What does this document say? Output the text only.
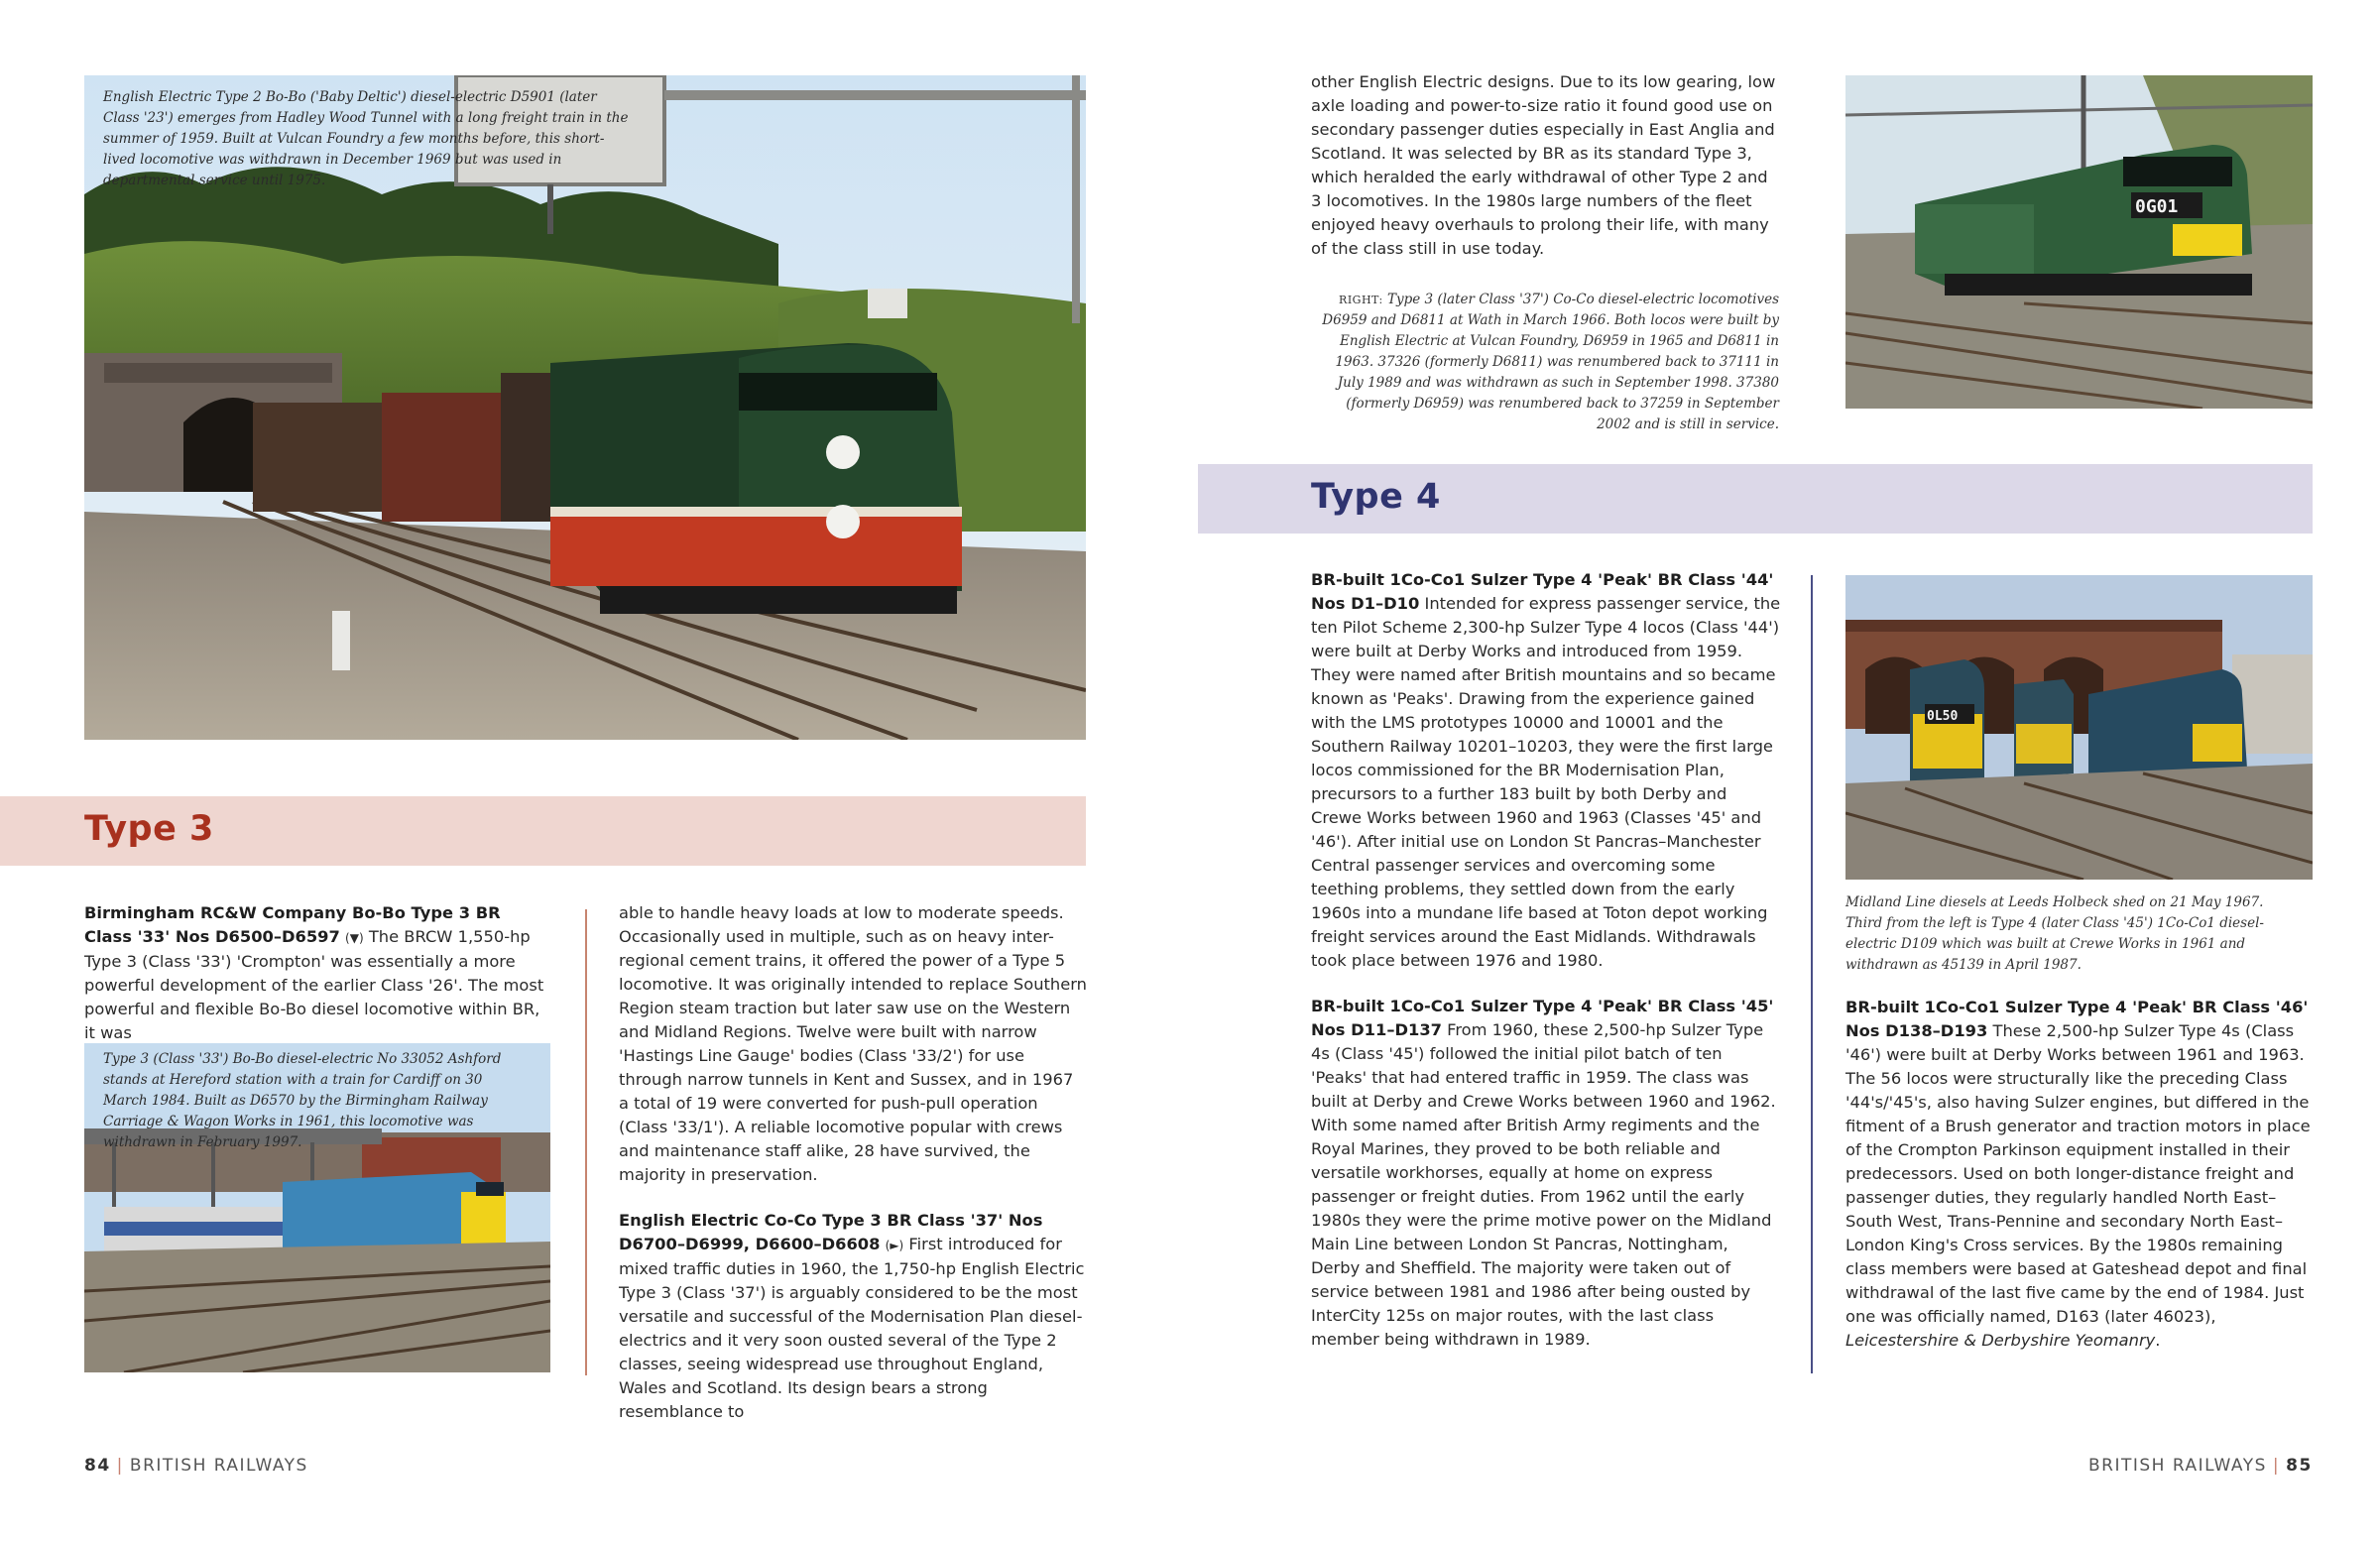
English Electric Type 2 Bo-Bo ('Baby Deltic') diesel-electric D5901 (later Class '23') emerges from Hadley Wood Tunnel with a long freight train in the summer of 1959. Built at Vulcan Foundry a few months before, this short-lived locomotive was withdrawn in December 1969 but was used in departmental service until 1975.
Type 3

Birmingham RC&W Company Bo-Bo Type 3 BR Class '33' Nos D6500–D6597 (▼) The BRCW 1,550-hp Type 3 (Class '33') 'Crompton' was essentially a more powerful development of the earlier Class '26'. The most powerful and flexible Bo-Bo diesel locomotive within BR, it was

Type 3 (Class '33') Bo-Bo diesel-electric No 33052 Ashford stands at Hereford station with a train for Cardiff on 30 March 1984. Built as D6570 by the Birmingham Railway Carriage & Wagon Works in 1961, this locomotive was withdrawn in February 1997.

able to handle heavy loads at low to moderate speeds. Occasionally used in multiple, such as on heavy inter-regional cement trains, it offered the power of a Type 5 locomotive. It was originally intended to replace Southern Region steam traction but later saw use on the Western and Midland Regions. Twelve were built with narrow 'Hastings Line Gauge' bodies (Class '33/2') for use through narrow tunnels in Kent and Sussex, and in 1967 a total of 19 were converted for push-pull operation (Class '33/1'). A reliable locomotive popular with crews and maintenance staff alike, 28 have survived, the majority in preservation.

English Electric Co-Co Type 3 BR Class '37' Nos D6700–D6999, D6600–D6608 (►) First introduced for mixed traffic duties in 1960, the 1,750-hp English Electric Type 3 (Class '37') is arguably considered to be the most versatile and successful of the Modernisation Plan diesel-electrics and it very soon ousted several of the Type 2 classes, seeing widespread use throughout England, Wales and Scotland. Its design bears a strong resemblance to

84 | BRITISH RAILWAYS

other English Electric designs. Due to its low gearing, low axle loading and power-to-size ratio it found good use on secondary passenger duties especially in East Anglia and Scotland. It was selected by BR as its standard Type 3, which heralded the early withdrawal of other Type 2 and 3 locomotives. In the 1980s large numbers of the fleet enjoyed heavy overhauls to prolong their life, with many of the class still in use today.

RIGHT: Type 3 (later Class '37') Co-Co diesel-electric locomotives D6959 and D6811 at Wath in March 1966. Both locos were built by English Electric at Vulcan Foundry, D6959 in 1965 and D6811 in 1963. 37326 (formerly D6811) was renumbered back to 37111 in July 1989 and was withdrawn as such in September 1998. 37380 (formerly D6959) was renumbered back to 37259 in September 2002 and is still in service.
0G01
Type 4

BR-built 1Co-Co1 Sulzer Type 4 'Peak' BR Class '44' Nos D1–D10 Intended for express passenger service, the ten Pilot Scheme 2,300-hp Sulzer Type 4 locos (Class '44') were built at Derby Works and introduced from 1959. They were named after British mountains and so became known as 'Peaks'. Drawing from the experience gained with the LMS prototypes 10000 and 10001 and the Southern Railway 10201–10203, they were the first large locos commissioned for the BR Modernisation Plan, precursors to a further 183 built by both Derby and Crewe Works between 1960 and 1963 (Classes '45' and '46'). After initial use on London St Pancras–Manchester Central passenger services and overcoming some teething problems, they settled down from the early 1960s into a mundane life based at Toton depot working freight services around the East Midlands. Withdrawals took place between 1976 and 1980.

BR-built 1Co-Co1 Sulzer Type 4 'Peak' BR Class '45' Nos D11–D137 From 1960, these 2,500-hp Sulzer Type 4s (Class '45') followed the initial pilot batch of ten 'Peaks' that had entered traffic in 1959. The class was built at Derby and Crewe Works between 1960 and 1962. With some named after British Army regiments and the Royal Marines, they proved to be both reliable and versatile workhorses, equally at home on express passenger or freight duties. From 1962 until the early 1980s they were the prime motive power on the Midland Main Line between London St Pancras, Nottingham, Derby and Sheffield. The majority were taken out of service between 1981 and 1986 after being ousted by InterCity 125s on major routes, with the last class member being withdrawn in 1989.

0L50
Midland Line diesels at Leeds Holbeck shed on 21 May 1967. Third from the left is Type 4 (later Class '45') 1Co-Co1 diesel-electric D109 which was built at Crewe Works in 1961 and withdrawn as 45139 in April 1987.

BR-built 1Co-Co1 Sulzer Type 4 'Peak' BR Class '46' Nos D138–D193 These 2,500-hp Sulzer Type 4s (Class '46') were built at Derby Works between 1961 and 1963. The 56 locos were structurally like the preceding Class '44's/'45's, also having Sulzer engines, but differed in the fitment of a Brush generator and traction motors in place of the Crompton Parkinson equipment installed in their predecessors. Used on both longer-distance freight and passenger duties, they regularly handled North East–South West, Trans-Pennine and secondary North East–London King's Cross services. By the 1980s remaining class members were based at Gateshead depot and final withdrawal of the last five came by the end of 1984. Just one was officially named, D163 (later 46023), Leicestershire & Derbyshire Yeomanry.

BRITISH RAILWAYS | 85
